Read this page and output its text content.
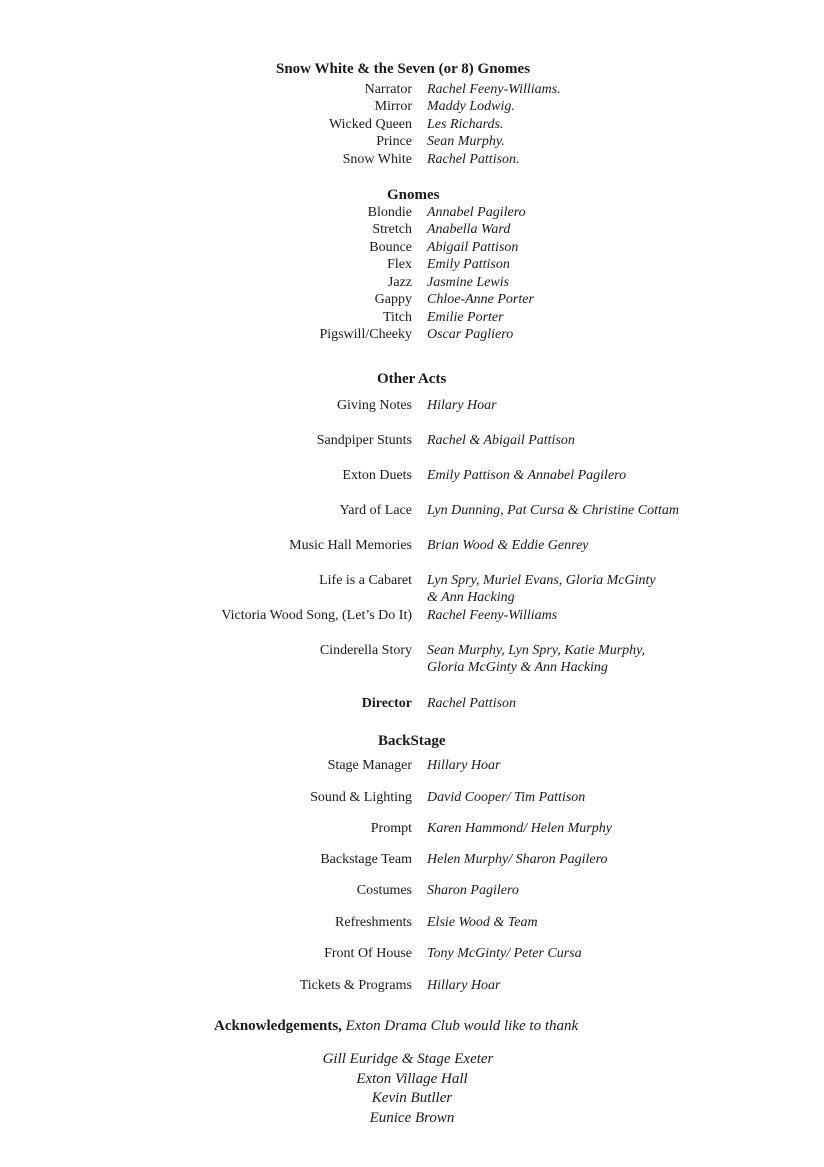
Snow White & the Seven (or 8) Gnomes
Narrator Rachel Feeny-Williams.
Mirror Maddy Lodwig.
Wicked Queen Les Richards.
Prince Sean Murphy.
Snow White Rachel Pattison.
Gnomes
Blondie Annabel Pagilero
Stretch Anabella Ward
Bounce Abigail Pattison
Flex Emily Pattison
Jazz Jasmine Lewis
Gappy Chloe-Anne Porter
Titch Emilie Porter
Pigswill/Cheeky Oscar Pagliero
Other Acts
Giving Notes Hilary Hoar
Sandpiper Stunts Rachel & Abigail Pattison
Exton Duets Emily Pattison & Annabel Pagilero
Yard of Lace Lyn Dunning, Pat Cursa & Christine Cottam
Music Hall Memories Brian Wood & Eddie Genrey
Life is a Cabaret Lyn Spry, Muriel Evans, Gloria McGinty
& Ann Hacking
Victoria Wood Song, (Let’s Do It) Rachel Feeny-Williams
Cinderella Story Sean Murphy, Lyn Spry, Katie Murphy,
Gloria McGinty & Ann Hacking
Director Rachel Pattison
BackStage
Stage Manager Hillary Hoar
Sound & Lighting David Cooper/ Tim Pattison
Prompt Karen Hammond/ Helen Murphy
Backstage Team Helen Murphy/ Sharon Pagilero
Costumes Sharon Pagilero
Refreshments Elsie Wood & Team
Front Of House Tony McGinty/ Peter Cursa
Tickets & Programs Hillary Hoar
Acknowledgements, Exton Drama Club would like to thank
Gill Euridge & Stage Exeter
Exton Village Hall
Kevin Butller
Eunice Brown
